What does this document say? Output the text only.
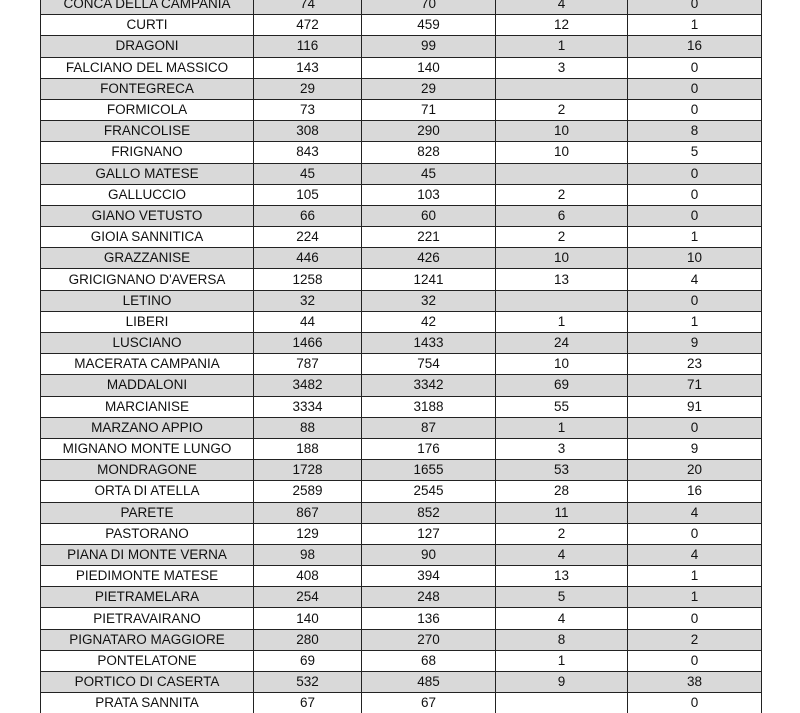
CONCA DELLA CAMPANIA	74	70	4	0
CURTI	472	459	12	1
DRAGONI	116	99	1	16
FALCIANO DEL MASSICO	143	140	3	0
FONTEGRECA	29	29		0
FORMICOLA	73	71	2	0
FRANCOLISE	308	290	10	8
FRIGNANO	843	828	10	5
GALLO MATESE	45	45		0
GALLUCCIO	105	103	2	0
GIANO VETUSTO	66	60	6	0
GIOIA SANNITICA	224	221	2	1
GRAZZANISE	446	426	10	10
GRICIGNANO D'AVERSA	1258	1241	13	4
LETINO	32	32		0
LIBERI	44	42	1	1
LUSCIANO	1466	1433	24	9
MACERATA CAMPANIA	787	754	10	23
MADDALONI	3482	3342	69	71
MARCIANISE	3334	3188	55	91
MARZANO APPIO	88	87	1	0
MIGNANO MONTE LUNGO	188	176	3	9
MONDRAGONE	1728	1655	53	20
ORTA DI ATELLA	2589	2545	28	16
PARETE	867	852	11	4
PASTORANO	129	127	2	0
PIANA DI MONTE VERNA	98	90	4	4
PIEDIMONTE MATESE	408	394	13	1
PIETRAMELARA	254	248	5	1
PIETRAVAIRANO	140	136	4	0
PIGNATARO MAGGIORE	280	270	8	2
PONTELATONE	69	68	1	0
PORTICO DI CASERTA	532	485	9	38
PRATA SANNITA	67	67		0
